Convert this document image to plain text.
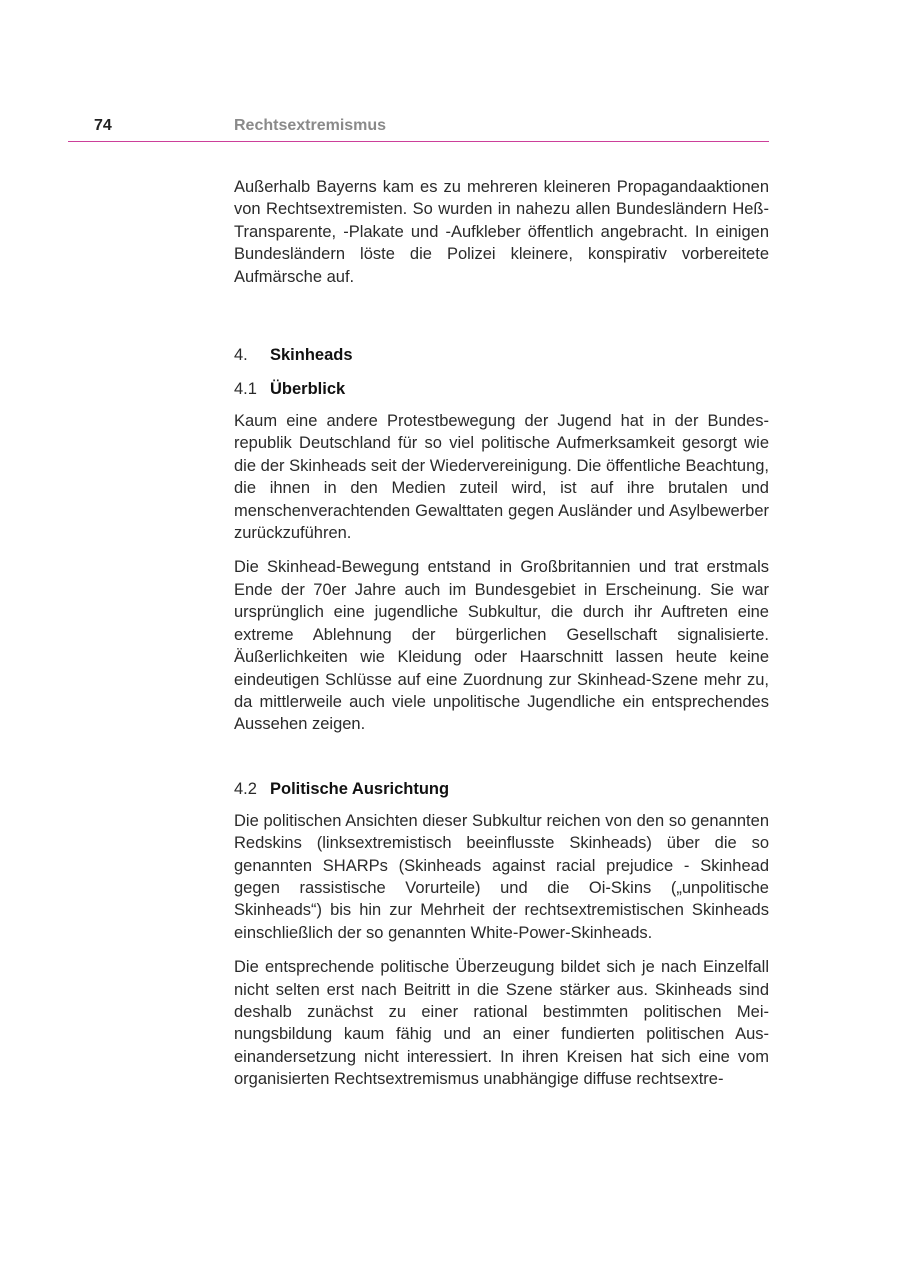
74	Rechtsextremismus

Außerhalb Bayerns kam es zu mehreren kleineren Propagandaaktionen von Rechtsextremisten. So wurden in nahezu allen Bundesländern Heß-Transparente, -Plakate und -Aufkleber öffentlich angebracht. In einigen Bundesländern löste die Polizei kleinere, konspirativ vorbereitete Aufmärsche auf.

4. Skinheads
4.1 Überblick

Kaum eine andere Protestbewegung der Jugend hat in der Bundesrepublik Deutschland für so viel politische Aufmerksamkeit gesorgt wie die der Skinheads seit der Wiedervereinigung. Die öffentliche Beachtung, die ihnen in den Medien zuteil wird, ist auf ihre brutalen und menschenverachtenden Gewalttaten gegen Ausländer und Asylbewerber zurückzuführen.

Die Skinhead-Bewegung entstand in Großbritannien und trat erstmals Ende der 70er Jahre auch im Bundesgebiet in Erscheinung. Sie war ursprünglich eine jugendliche Subkultur, die durch ihr Auftreten eine extreme Ablehnung der bürgerlichen Gesellschaft signalisierte. Äußerlichkeiten wie Kleidung oder Haarschnitt lassen heute keine eindeutigen Schlüsse auf eine Zuordnung zur Skinhead-Szene mehr zu, da mittlerweile auch viele unpolitische Jugendliche ein entsprechendes Aussehen zeigen.

4.2 Politische Ausrichtung

Die politischen Ansichten dieser Subkultur reichen von den so genannten Redskins (linksextremistisch beeinflusste Skinheads) über die so genannten SHARPs (Skinheads against racial prejudice - Skinhead gegen rassistische Vorurteile) und die Oi-Skins („unpolitische Skinheads“) bis hin zur Mehrheit der rechtsextremistischen Skinheads einschließlich der so genannten White-Power-Skinheads.

Die entsprechende politische Überzeugung bildet sich je nach Einzelfall nicht selten erst nach Beitritt in die Szene stärker aus. Skinheads sind deshalb zunächst zu einer rational bestimmten politischen Meinungsbildung kaum fähig und an einer fundierten politischen Auseinandersetzung nicht interessiert. In ihren Kreisen hat sich eine vom organisierten Rechtsextremismus unabhängige diffuse rechtsextre-
